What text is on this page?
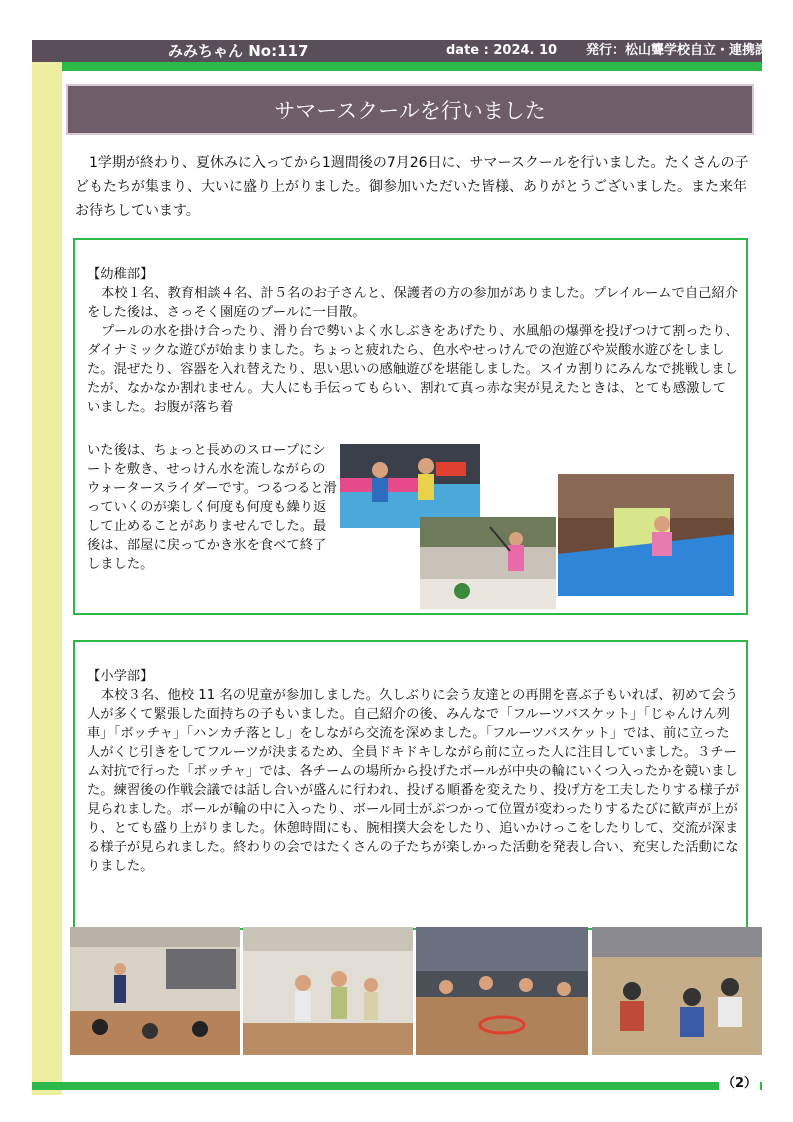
みみちゃん No:117	date : 2024. 10 発行：松山聾学校自立・連携課
サマースクールを行いました
1学期が終わり、夏休みに入ってから1週間後の7月26日に、サマースクールを行いました。たくさんの子どもたちが集まり、大いに盛り上がりました。御参加いただいた皆様、ありがとうございました。また来年お待ちしています。

【幼稚部】

本校１名、教育相談４名、計５名のお子さんと、保護者の方の参加がありました。プレイルームで自己紹介をした後は、さっそく園庭のプールに一目散。

プールの水を掛け合ったり、滑り台で勢いよく水しぶきをあげたり、水風船の爆弾を投げつけて割ったり、ダイナミックな遊びが始まりました。ちょっと疲れたら、色水やせっけんでの泡遊びや炭酸水遊びをしました。混ぜたり、容器を入れ替えたり、思い思いの感触遊びを堪能しました。スイカ割りにみんなで挑戦しましたが、なかなか割れません。大人にも手伝ってもらい、割れて真っ赤な実が見えたときは、とても感激していました。お腹が落ち着

いた後は、ちょっと長めのスロープにシートを敷き、せっけん水を流しながらのウォータースライダーです。つるつると滑っていくのが楽しく何度も何度も繰り返して止めることがありませんでした。最後は、部屋に戻ってかき氷を食べて終了しました。

【小学部】

本校３名、他校 11 名の児童が参加しました。久しぶりに会う友達との再開を喜ぶ子もいれば、初めて会う人が多くて緊張した面持ちの子もいました。自己紹介の後、みんなで「フルーツバスケット」「じゃんけん列車」「ボッチャ」「ハンカチ落とし」をしながら交流を深めました。「フルーツバスケット」では、前に立った人がくじ引きをしてフルーツが決まるため、全員ドキドキしながら前に立った人に注目していました。３チーム対抗で行った「ボッチャ」では、各チームの場所から投げたボールが中央の輪にいくつ入ったかを競いました。練習後の作戦会議では話し合いが盛んに行われ、投げる順番を変えたり、投げ方を工夫したりする様子が見られました。ボールが輪の中に入ったり、ボール同士がぶつかって位置が変わったりするたびに歓声が上がり、とても盛り上がりました。休憩時間にも、腕相撲大会をしたり、追いかけっこをしたりして、交流が深まる様子が見られました。終わりの会ではたくさんの子たちが楽しかった活動を発表し合い、充実した活動になりました。

（2）
